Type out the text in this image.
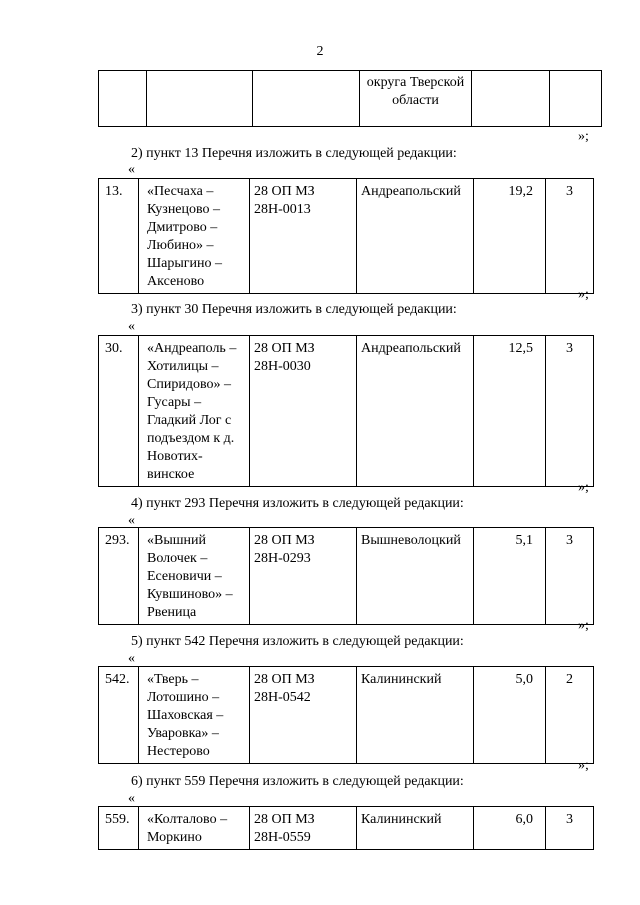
2
			округа Тверской области		
»;
2) пункт 13 Перечня изложить в следующей редакции:
«
13.	«Песчаха – Кузнецово – Дмитрово – Любино» – Шарыгино – Аксеново	28 ОП МЗ 28Н-0013	Андреапольский	19,2	3
»;
3) пункт 30 Перечня изложить в следующей редакции:
«
30.	«Андреаполь – Хотилицы – Спиридово» – Гусары – Гладкий Лог с подъездом к д. Новотих-винское	28 ОП МЗ 28Н-0030	Андреапольский	12,5	3
»;
4) пункт 293 Перечня изложить в следующей редакции:
«
293.	«Вышний Волочек – Есеновичи – Кувшиново» – Рвеница	28 ОП МЗ 28Н-0293	Вышневолоцкий	5,1	3
»;
5) пункт 542 Перечня изложить в следующей редакции:
«
542.	«Тверь – Лотошино – Шаховская – Уваровка» – Нестерово	28 ОП МЗ 28Н-0542	Калининский	5,0	2
»;
6) пункт 559 Перечня изложить в следующей редакции:
«
559.	«Колталово – Моркино	28 ОП МЗ 28Н-0559	Калининский	6,0	3
